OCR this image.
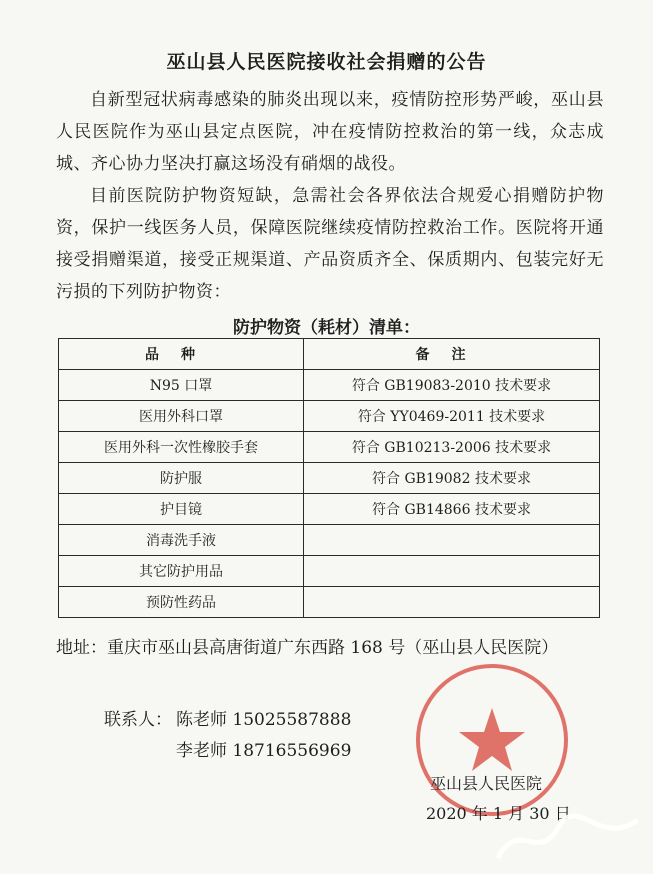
巫山县人民医院接收社会捐赠的公告
自新型冠状病毒感染的肺炎出现以来，疫情防控形势严峻，巫山县人民医院作为巫山县定点医院，冲在疫情防控救治的第一线，众志成城、齐心协力坚决打赢这场没有硝烟的战役。
目前医院防护物资短缺，急需社会各界依法合规爱心捐赠防护物资，保护一线医务人员，保障医院继续疫情防控救治工作。医院将开通接受捐赠渠道，接受正规渠道、产品资质齐全、保质期内、包装完好无污损的下列防护物资：
防护物资（耗材）清单：
品种	备注
N95 口罩	符合 GB19083-2010 技术要求
医用外科口罩	符合 YY0469-2011 技术要求
医用外科一次性橡胶手套	符合 GB10213-2006 技术要求
防护服	符合 GB19082 技术要求
护目镜	符合 GB14866 技术要求
消毒洗手液	
其它防护用品	
预防性药品	
地址：重庆市巫山县高唐街道广东西路 168 号（巫山县人民医院）
联系人： 陈老师 15025587888
李老师 18716556969
巫山县人民医院
2020 年 1 月 30 日
